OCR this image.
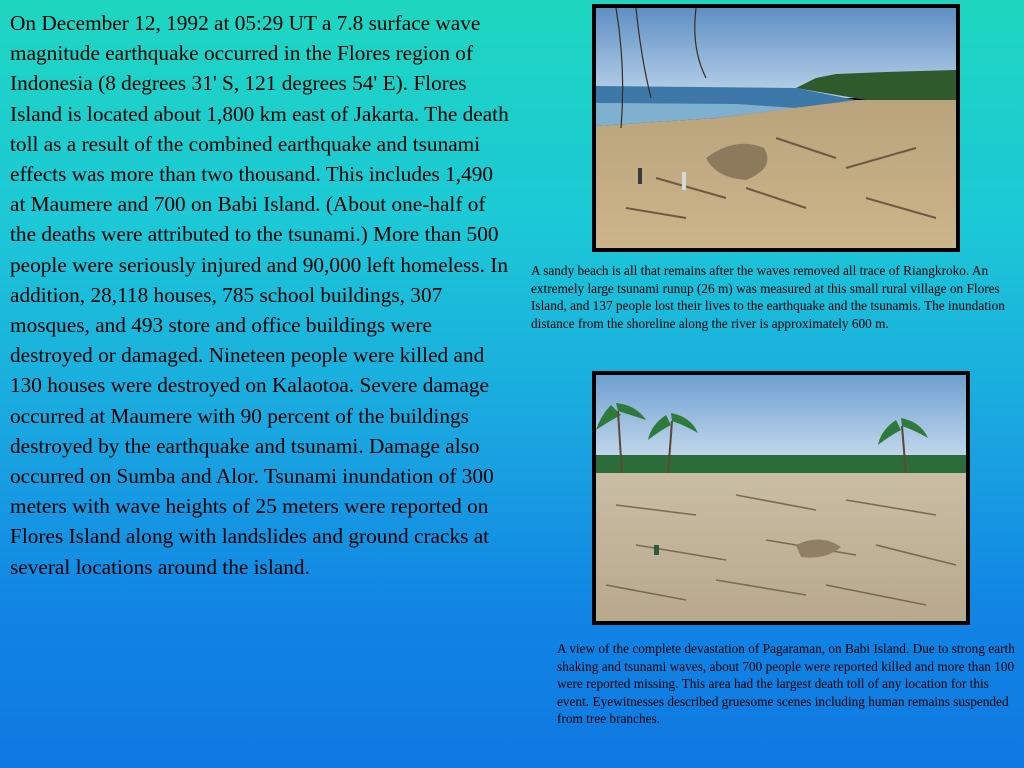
On December 12, 1992 at 05:29 UT a 7.8 surface wave magnitude earthquake occurred in the Flores region of Indonesia (8 degrees 31' S, 121 degrees 54' E). Flores Island is located about 1,800 km east of Jakarta. The death toll as a result of the combined earthquake and tsunami effects was more than two thousand. This includes 1,490 at Maumere and 700 on Babi Island. (About one-half of the deaths were attributed to the tsunami.) More than 500 people were seriously injured and 90,000 left homeless. In addition, 28,118 houses, 785 school buildings, 307 mosques, and 493 store and office buildings were destroyed or damaged. Nineteen people were killed and 130 houses were destroyed on Kalaotoa. Severe damage occurred at Maumere with 90 percent of the buildings destroyed by the earthquake and tsunami. Damage also occurred on Sumba and Alor. Tsunami inundation of 300 meters with wave heights of 25 meters were reported on Flores Island along with landslides and ground cracks at several locations around the island.
A sandy beach is all that remains after the waves removed all trace of Riangkroko. An extremely large tsunami runup (26 m) was measured at this small rural village on Flores Island, and 137 people lost their lives to the earthquake and the tsunamis. The inundation distance from the shoreline along the river is approximately 600 m.
A view of the complete devastation of Pagaraman, on Babi Island. Due to strong earth shaking and tsunami waves, about 700 people were reported killed and more than 100 were reported missing. This area had the largest death toll of any location for this event. Eyewitnesses described gruesome scenes including human remains suspended from tree branches.
